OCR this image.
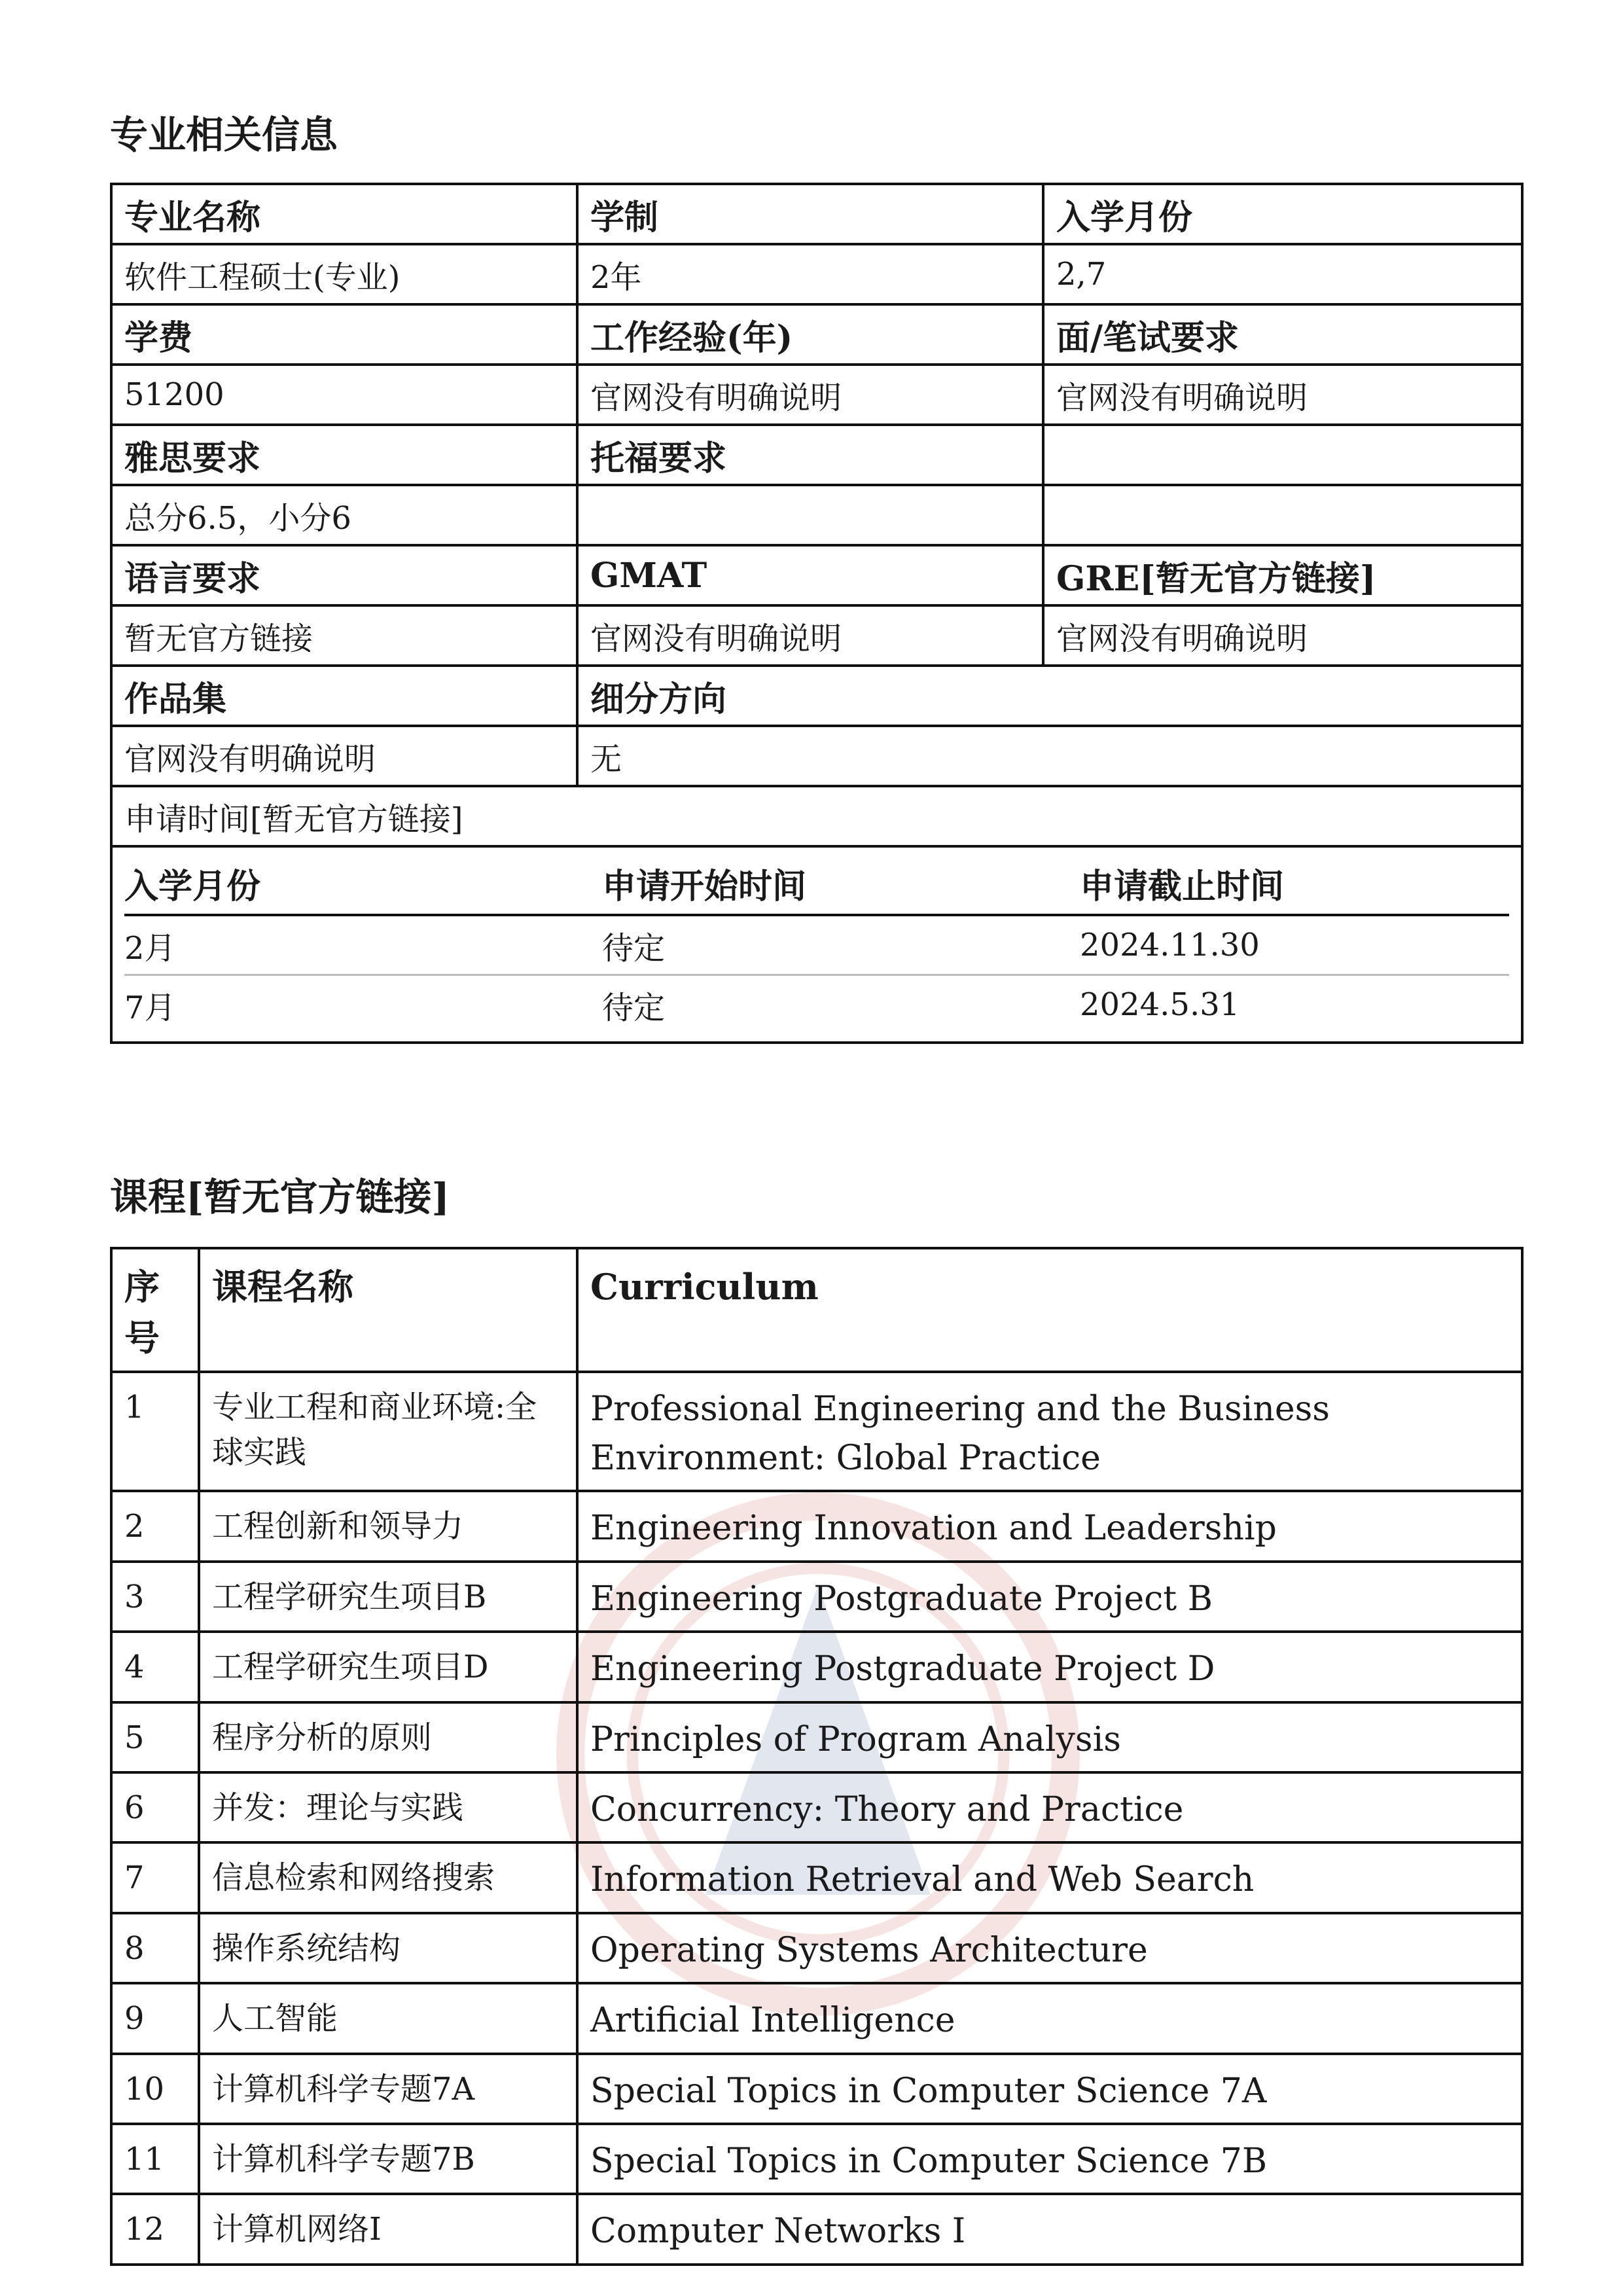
专业相关信息
专业名称	学制	入学月份
软件工程硕士(专业)	2年	2,7
学费	工作经验(年)	面/笔试要求
51200	官网没有明确说明	官网没有明确说明
雅思要求	托福要求	
总分6.5，小分6		
语言要求	GMAT	GRE[暂无官方链接]
暂无官方链接	官网没有明确说明	官网没有明确说明
作品集	细分方向
官网没有明确说明	无
申请时间[暂无官方链接]

入学月份	申请开始时间	申请截止时间
2月	待定	2024.11.30
7月	待定	2024.5.31
课程[暂无官方链接]
序号	课程名称	Curriculum
1	专业工程和商业环境:全球实践	Professional Engineering and the Business Environment: Global Practice
2	工程创新和领导力	Engineering Innovation and Leadership
3	工程学研究生项目B	Engineering Postgraduate Project B
4	工程学研究生项目D	Engineering Postgraduate Project D
5	程序分析的原则	Principles of Program Analysis
6	并发：理论与实践	Concurrency: Theory and Practice
7	信息检索和网络搜索	Information Retrieval and Web Search
8	操作系统结构	Operating Systems Architecture
9	人工智能	Artificial Intelligence
10	计算机科学专题7A	Special Topics in Computer Science 7A
11	计算机科学专题7B	Special Topics in Computer Science 7B
12	计算机网络I	Computer Networks I
